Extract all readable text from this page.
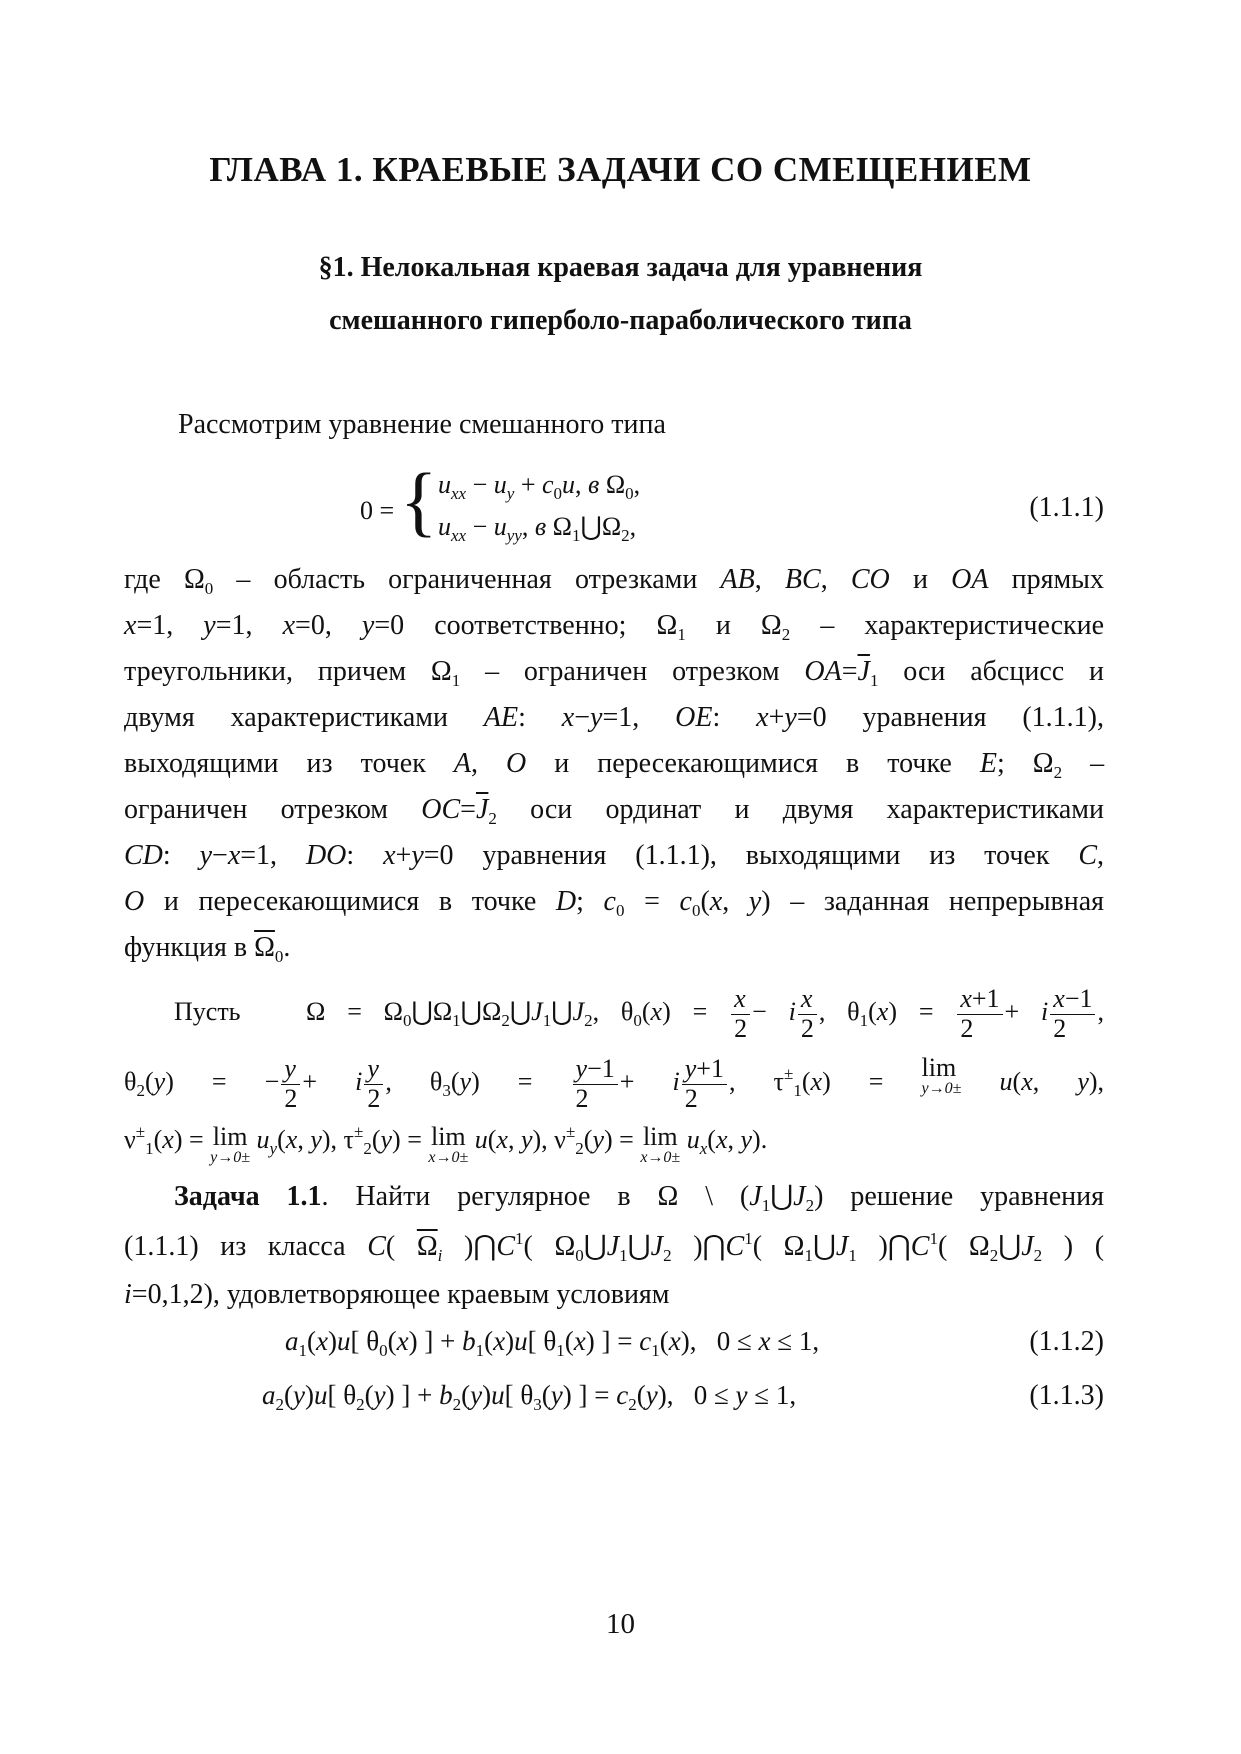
ГЛАВА 1. КРАЕВЫЕ ЗАДАЧИ СО СМЕЩЕНИЕМ
§1. Нелокальная краевая задача для уравнения
смешанного гиперболо-параболического типа
Рассмотрим уравнение смешанного типа
0 = { $u_{xx} - u_y + c_0u$, в $\Omega_0$,
$u_{xx} - u_{yy}$, в $\Omega_1⋃\Omega_2$,
(1.1.1)
где $\Omega_0$ – область ограниченная отрезками AB, BC, CO и OA прямых
x=1, y=1, x=0, y=0 соответственно; $\Omega_1$ и $\Omega_2$ – характеристические
треугольники, причем $\Omega_1$ – ограничен отрезком $OA=\overline{J}_1$ оси абсцисс и
двумя характеристиками AE: x−y=1, OE: x+y=0 уравнения (1.1.1),
выходящими из точек A, O и пересекающимися в точке E; $\Omega_2$ –
ограничен отрезком $OC=\overline{J}_2$ оси ординат и двумя характеристиками
CD: y−x=1, DO: x+y=0 уравнения (1.1.1), выходящими из точек C,
O и пересекающимися в точке D; $c_0 = c_0(x$, y) – заданная непрерывная
функция в $\overline{\Omega}_0$.
Пусть   $\Omega = \Omega_0⋃\Omega_1⋃\Omega_2⋃J_1⋃J_2$, $\theta_0(x) = \frac{x}{2} - i \frac{x}{2}$ , $\theta_1(x) = \frac{x+1}{2} + i \frac{x-1}{2}$ ,
$\theta_2(y)$ = − $\frac{y}{2} + i \frac{y}{2}$ , $\theta_3(y) = \frac{y-1}{2} + i \frac{y+1}{2}$ , $\tau^\pm_1(x) = \lim$
y→0± u(x, y),
$\nu^\pm_1(x) = \lim$
y→0±
$u_y(x$, y), $\tau^\pm_2(y) = \lim$
x→0±
u(x, y), $\nu^\pm_2(y) = \lim$
x→0±
$u_x(x$, y).
Задача 1.1. Найти регулярное в Ω \ $(J_1⋃J_2)$ решение уравнения
(1.1.1) из класса C( $\overline{\Omega}_i$ )$⋂C^1$( $\Omega_0⋃J_1⋃J_2$ )$⋂C^1$( $\Omega_1⋃J_1$ )$⋂C^1$( $\Omega_2⋃J_2$ ) (
i=0,1,2), удовлетворяющее краевым условиям
$a_1(x)u$[ $\theta_0(x)$ ] + $b_1(x)u$[ $\theta_1(x)$ ] = $c_1(x)$,   0 ≤ x ≤ 1,	(1.1.2)
$a_2(y)u$[ $\theta_2(y)$ ] + $b_2(y)u$[ $\theta_3(y)$ ] = $c_2(y)$,   0 ≤ y ≤ 1,	(1.1.3)
10
